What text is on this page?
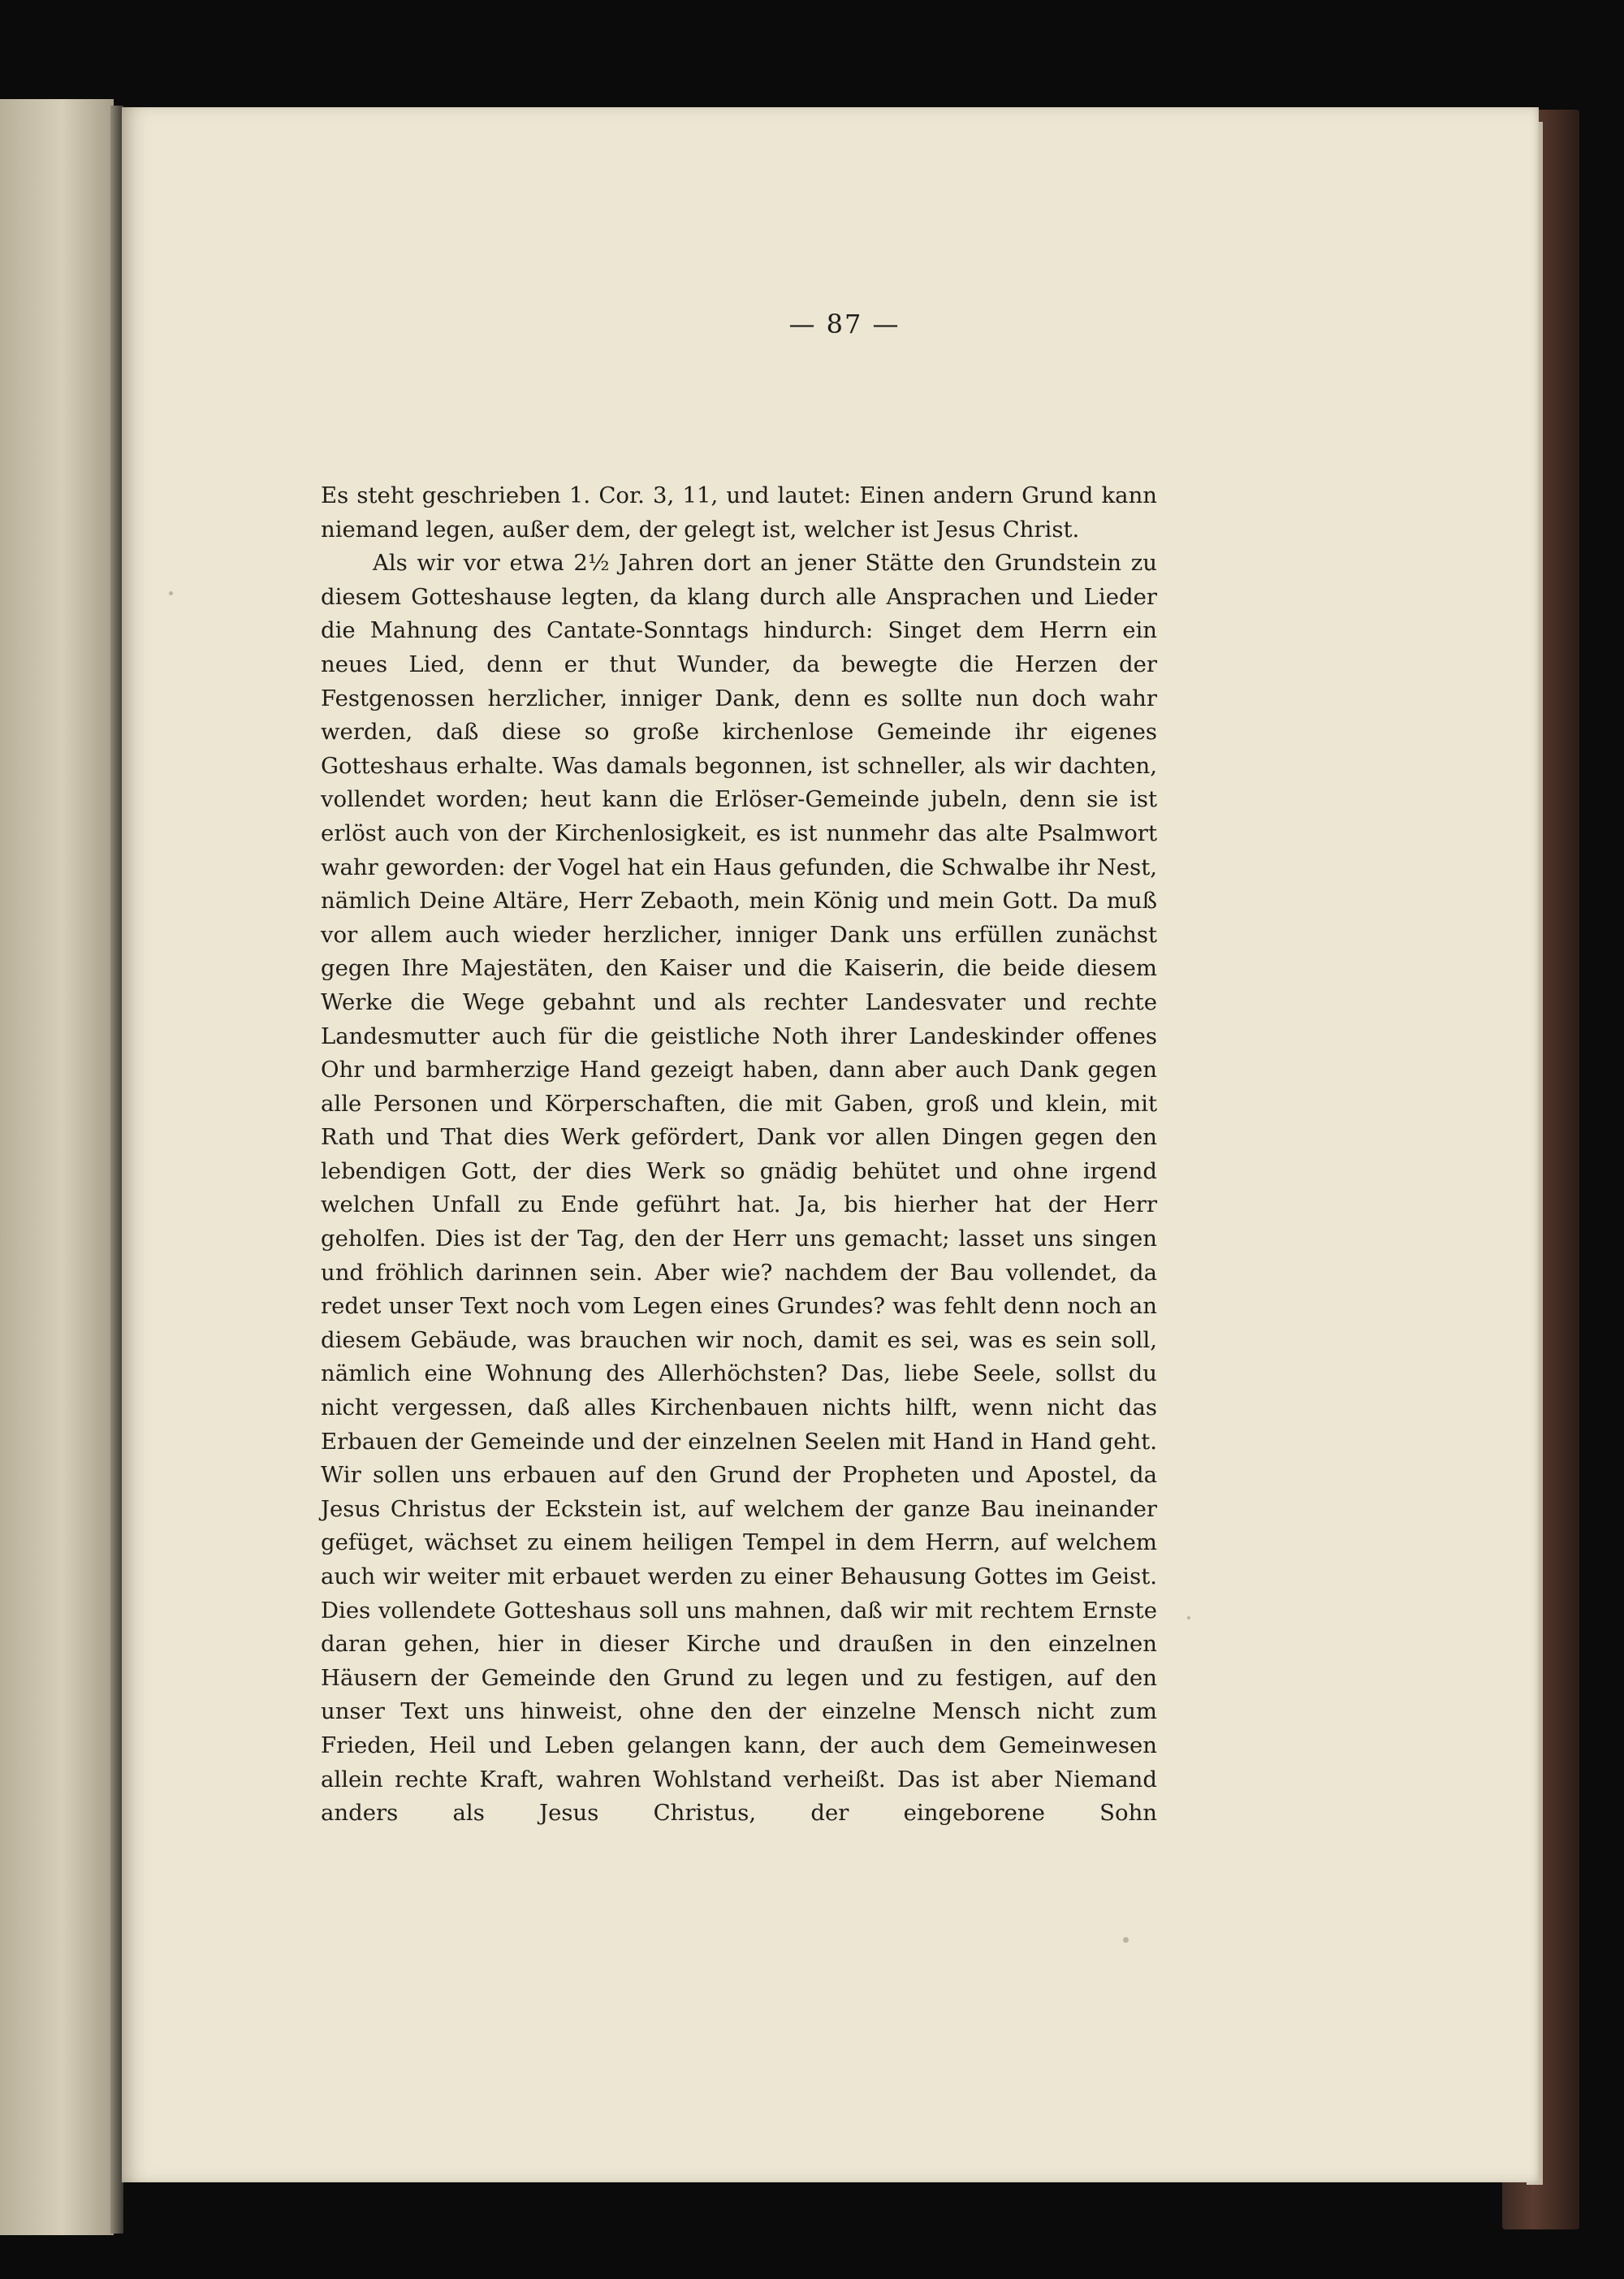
— 87 —

Es steht geschrieben 1. Cor. 3, 11, und lautet: Einen andern Grund kann niemand legen, außer dem, der gelegt ist, welcher ist Jesus Christ.

Als wir vor etwa 2½ Jahren dort an jener Stätte den Grundstein zu diesem Gotteshause legten, da klang durch alle Ansprachen und Lieder die Mahnung des Cantate-Sonntags hindurch: Singet dem Herrn ein neues Lied, denn er thut Wunder, da bewegte die Herzen der Festgenossen herzlicher, inniger Dank, denn es sollte nun doch wahr werden, daß diese so große kirchenlose Gemeinde ihr eigenes Gotteshaus erhalte. Was damals begonnen, ist schneller, als wir dachten, vollendet worden; heut kann die Erlöser-Gemeinde jubeln, denn sie ist erlöst auch von der Kirchenlosigkeit, es ist nunmehr das alte Psalmwort wahr geworden: der Vogel hat ein Haus gefunden, die Schwalbe ihr Nest, nämlich Deine Altäre, Herr Zebaoth, mein König und mein Gott. Da muß vor allem auch wieder herzlicher, inniger Dank uns erfüllen zunächst gegen Ihre Majestäten, den Kaiser und die Kaiserin, die beide diesem Werke die Wege gebahnt und als rechter Landesvater und rechte Landesmutter auch für die geistliche Noth ihrer Landeskinder offenes Ohr und barmherzige Hand gezeigt haben, dann aber auch Dank gegen alle Personen und Körperschaften, die mit Gaben, groß und klein, mit Rath und That dies Werk gefördert, Dank vor allen Dingen gegen den lebendigen Gott, der dies Werk so gnädig behütet und ohne irgend welchen Unfall zu Ende geführt hat. Ja, bis hierher hat der Herr geholfen. Dies ist der Tag, den der Herr uns gemacht; lasset uns singen und fröhlich darinnen sein. Aber wie? nachdem der Bau vollendet, da redet unser Text noch vom Legen eines Grundes? was fehlt denn noch an diesem Gebäude, was brauchen wir noch, damit es sei, was es sein soll, nämlich eine Wohnung des Allerhöchsten? Das, liebe Seele, sollst du nicht vergessen, daß alles Kirchenbauen nichts hilft, wenn nicht das Erbauen der Gemeinde und der einzelnen Seelen mit Hand in Hand geht. Wir sollen uns erbauen auf den Grund der Propheten und Apostel, da Jesus Christus der Eckstein ist, auf welchem der ganze Bau ineinander gefüget, wächset zu einem heiligen Tempel in dem Herrn, auf welchem auch wir weiter mit erbauet werden zu einer Behausung Gottes im Geist. Dies vollendete Gotteshaus soll uns mahnen, daß wir mit rechtem Ernste daran gehen, hier in dieser Kirche und draußen in den einzelnen Häusern der Gemeinde den Grund zu legen und zu festigen, auf den unser Text uns hinweist, ohne den der einzelne Mensch nicht zum Frieden, Heil und Leben gelangen kann, der auch dem Gemeinwesen allein rechte Kraft, wahren Wohlstand verheißt. Das ist aber Niemand anders als Jesus Christus, der eingeborene Sohn
